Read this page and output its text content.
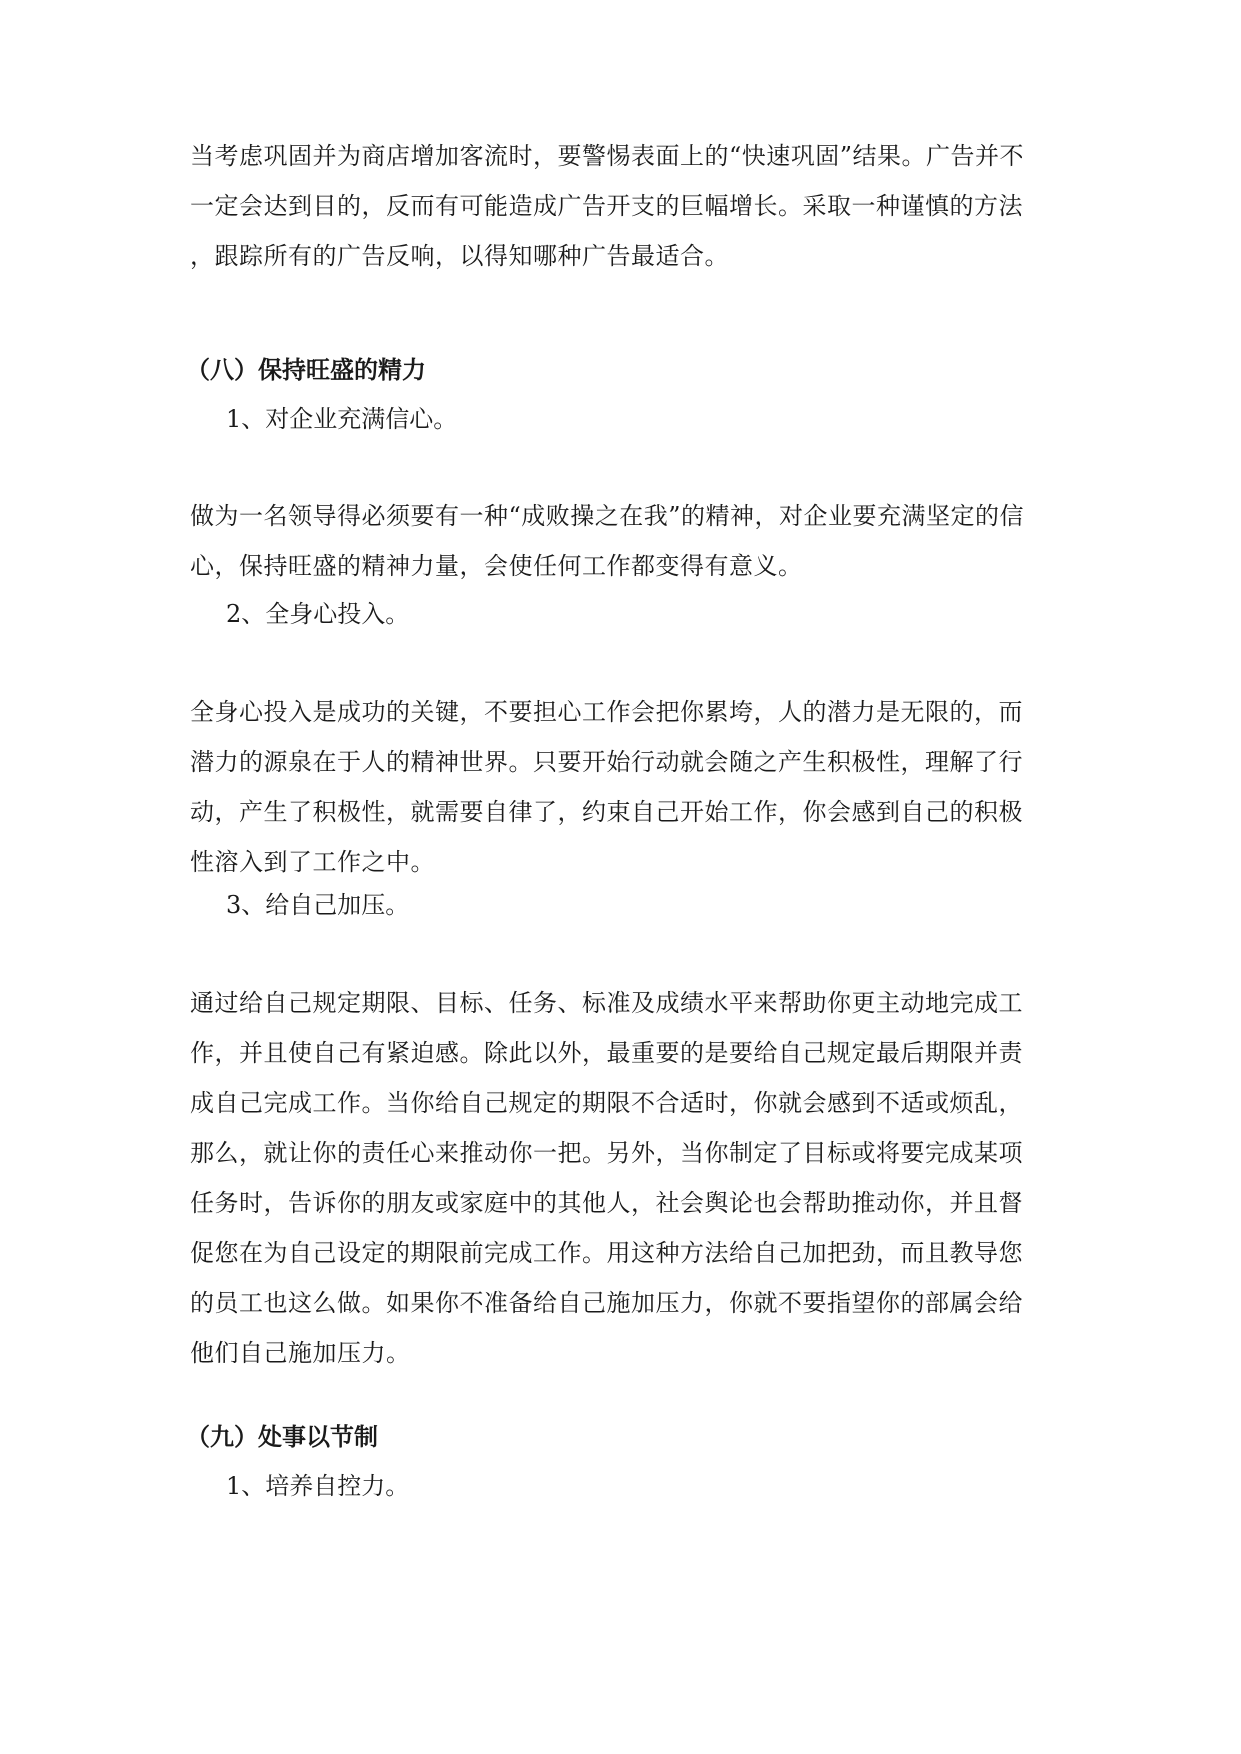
当考虑巩固并为商店增加客流时，要警惕表面上的“快速巩固”结果。广告并不
一定会达到目的，反而有可能造成广告开支的巨幅增长。采取一种谨慎的方法
，跟踪所有的广告反响，以得知哪种广告最适合。

（八）保持旺盛的精力

1、对企业充满信心。

做为一名领导得必须要有一种“成败操之在我”的精神，对企业要充满坚定的信
心，保持旺盛的精神力量，会使任何工作都变得有意义。

2、全身心投入。

全身心投入是成功的关键，不要担心工作会把你累垮，人的潜力是无限的，而
潜力的源泉在于人的精神世界。只要开始行动就会随之产生积极性，理解了行
动，产生了积极性，就需要自律了，约束自己开始工作，你会感到自己的积极
性溶入到了工作之中。

3、给自己加压。

通过给自己规定期限、目标、任务、标准及成绩水平来帮助你更主动地完成工
作，并且使自己有紧迫感。除此以外，最重要的是要给自己规定最后期限并责
成自己完成工作。当你给自己规定的期限不合适时，你就会感到不适或烦乱，
那么，就让你的责任心来推动你一把。另外，当你制定了目标或将要完成某项
任务时，告诉你的朋友或家庭中的其他人，社会舆论也会帮助推动你，并且督
促您在为自己设定的期限前完成工作。用这种方法给自己加把劲，而且教导您
的员工也这么做。如果你不准备给自己施加压力，你就不要指望你的部属会给
他们自己施加压力。

（九）处事以节制

1、培养自控力。
